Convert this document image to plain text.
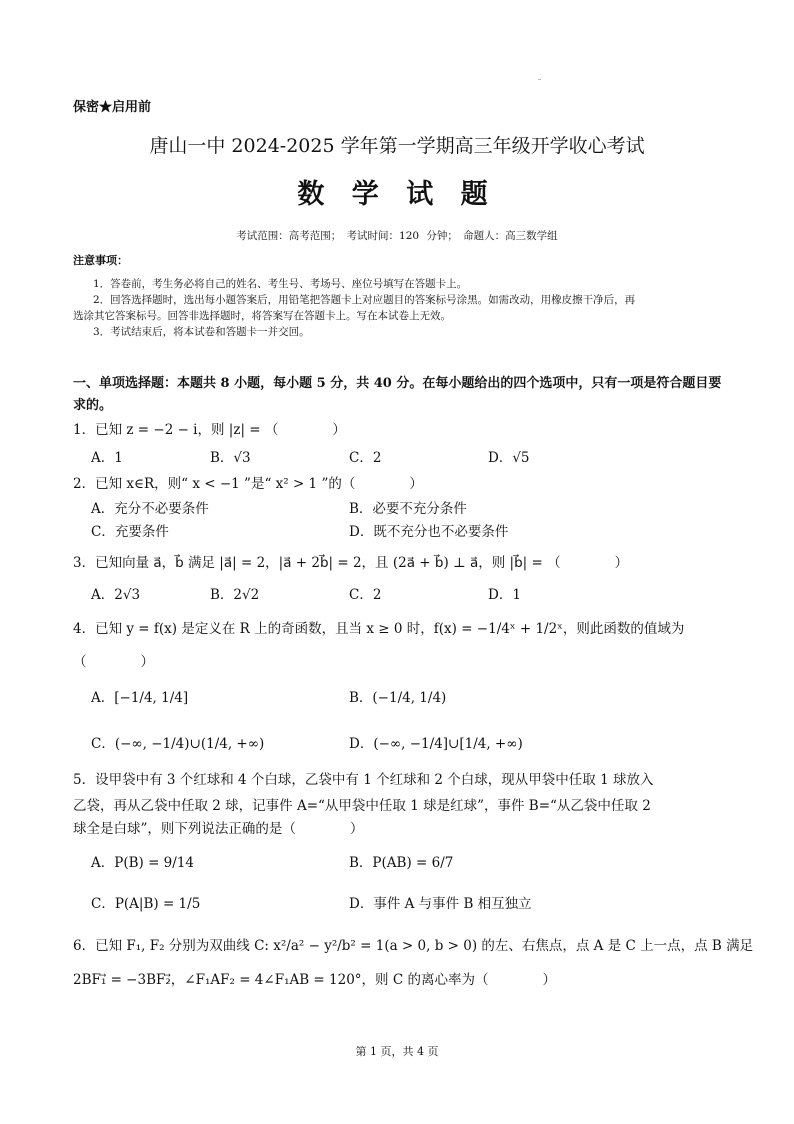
保密★启用前
唐山一中 2024-2025 学年第一学期高三年级开学收心考试
数 学 试 题
考试范围：高考范围；　考试时间：120 分钟；　命题人：高三数学组
注意事项：
1．答卷前，考生务必将自己的姓名、考生号、考场号、座位号填写在答题卡上。
2．回答选择题时，选出每小题答案后，用铅笔把答题卡上对应题目的答案标号涂黑。如需改动，用橡皮擦干净后，再
选涂其它答案标号。回答非选择题时，将答案写在答题卡上。写在本试卷上无效。
3．考试结束后，将本试卷和答题卡一并交回。
一、单项选择题：本题共 8 小题，每小题 5 分，共 40 分。在每小题给出的四个选项中，只有一项是符合题目要
求的。
1．已知 z = −2 − i，则 |z| = （　　　　）
A．1	B．√3	C．2	D．√5
2．已知 x∈R，则“ x < −1 ”是“ x² > 1 ”的（　　　　）
A．充分不必要条件	B．必要不充分条件
C．充要条件	D．既不充分也不必要条件
3．已知向量 a⃗，b⃗ 满足 |a⃗| = 2，|a⃗ + 2b⃗| = 2，且 (2a⃗ + b⃗) ⊥ a⃗，则 |b⃗| = （　　　　）
A．2√3	B．2√2	C．2	D．1
4．已知 y = f(x) 是定义在 R 上的奇函数，且当 x ≥ 0 时，f(x) = −1/4ˣ + 1/2ˣ，则此函数的值域为
（　　　　）
A．[−1/4, 1/4]	B．(−1/4, 1/4)
C．(−∞, −1/4)∪(1/4, +∞)	D．(−∞, −1/4]∪[1/4, +∞)
5．设甲袋中有 3 个红球和 4 个白球，乙袋中有 1 个红球和 2 个白球，现从甲袋中任取 1 球放入
乙袋，再从乙袋中任取 2 球，记事件 A=“从甲袋中任取 1 球是红球”，事件 B=“从乙袋中任取 2
球全是白球”，则下列说法正确的是（　　　　）
A．P(B) = 9/14	B．P(AB) = 6/7
C．P(A|B) = 1/5	D．事件 A 与事件 B 相互独立
6．已知 F₁, F₂ 分别为双曲线 C: x²/a² − y²/b² = 1(a > 0, b > 0) 的左、右焦点，点 A 是 C 上一点，点 B 满足
2BF₁⃗ = −3BF₂⃗，∠F₁AF₂ = 4∠F₁AB = 120°，则 C 的离心率为（　　　　）
第 1 页，共 4 页
